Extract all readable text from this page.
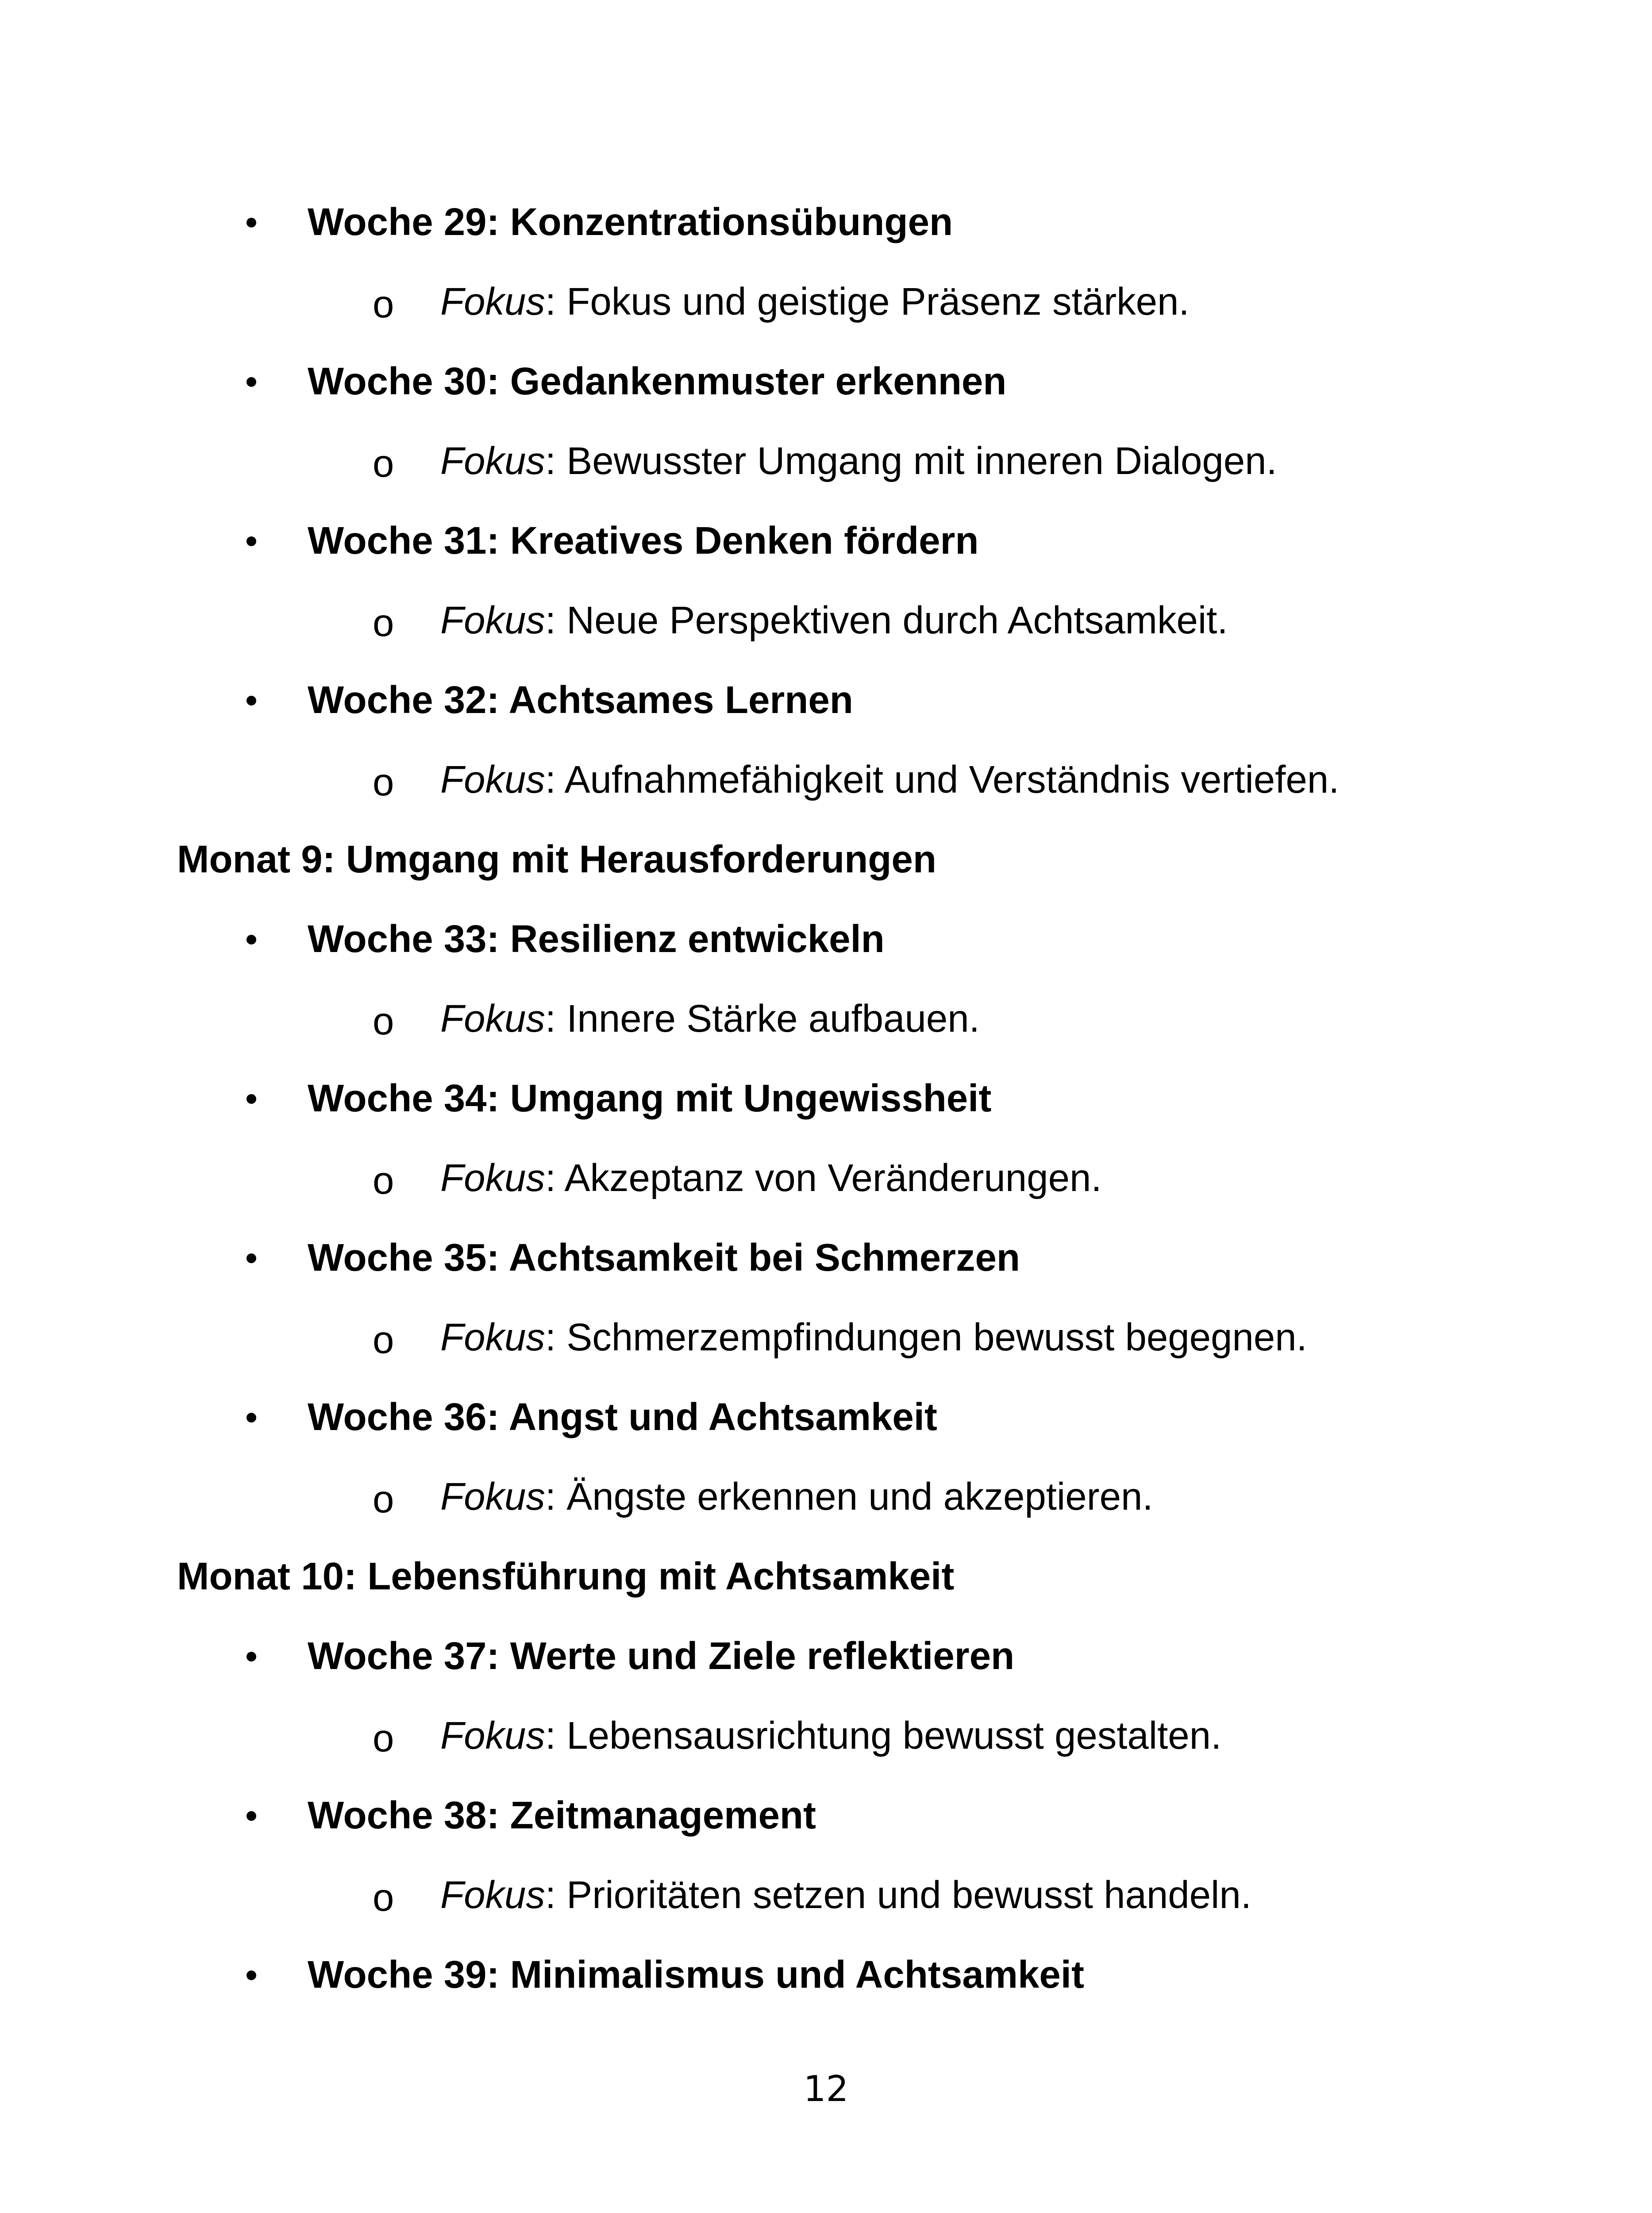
Woche 29: Konzentrationsübungen
o Fokus: Fokus und geistige Präsenz stärken.
Woche 30: Gedankenmuster erkennen
o Fokus: Bewusster Umgang mit inneren Dialogen.
Woche 31: Kreatives Denken fördern
o Fokus: Neue Perspektiven durch Achtsamkeit.
Woche 32: Achtsames Lernen
o Fokus: Aufnahmefähigkeit und Verständnis vertiefen.
Monat 9: Umgang mit Herausforderungen
Woche 33: Resilienz entwickeln
o Fokus: Innere Stärke aufbauen.
Woche 34: Umgang mit Ungewissheit
o Fokus: Akzeptanz von Veränderungen.
Woche 35: Achtsamkeit bei Schmerzen
o Fokus: Schmerzempfindungen bewusst begegnen.
Woche 36: Angst und Achtsamkeit
o Fokus: Ängste erkennen und akzeptieren.
Monat 10: Lebensführung mit Achtsamkeit
Woche 37: Werte und Ziele reflektieren
o Fokus: Lebensausrichtung bewusst gestalten.
Woche 38: Zeitmanagement
o Fokus: Prioritäten setzen und bewusst handeln.
Woche 39: Minimalismus und Achtsamkeit
12
